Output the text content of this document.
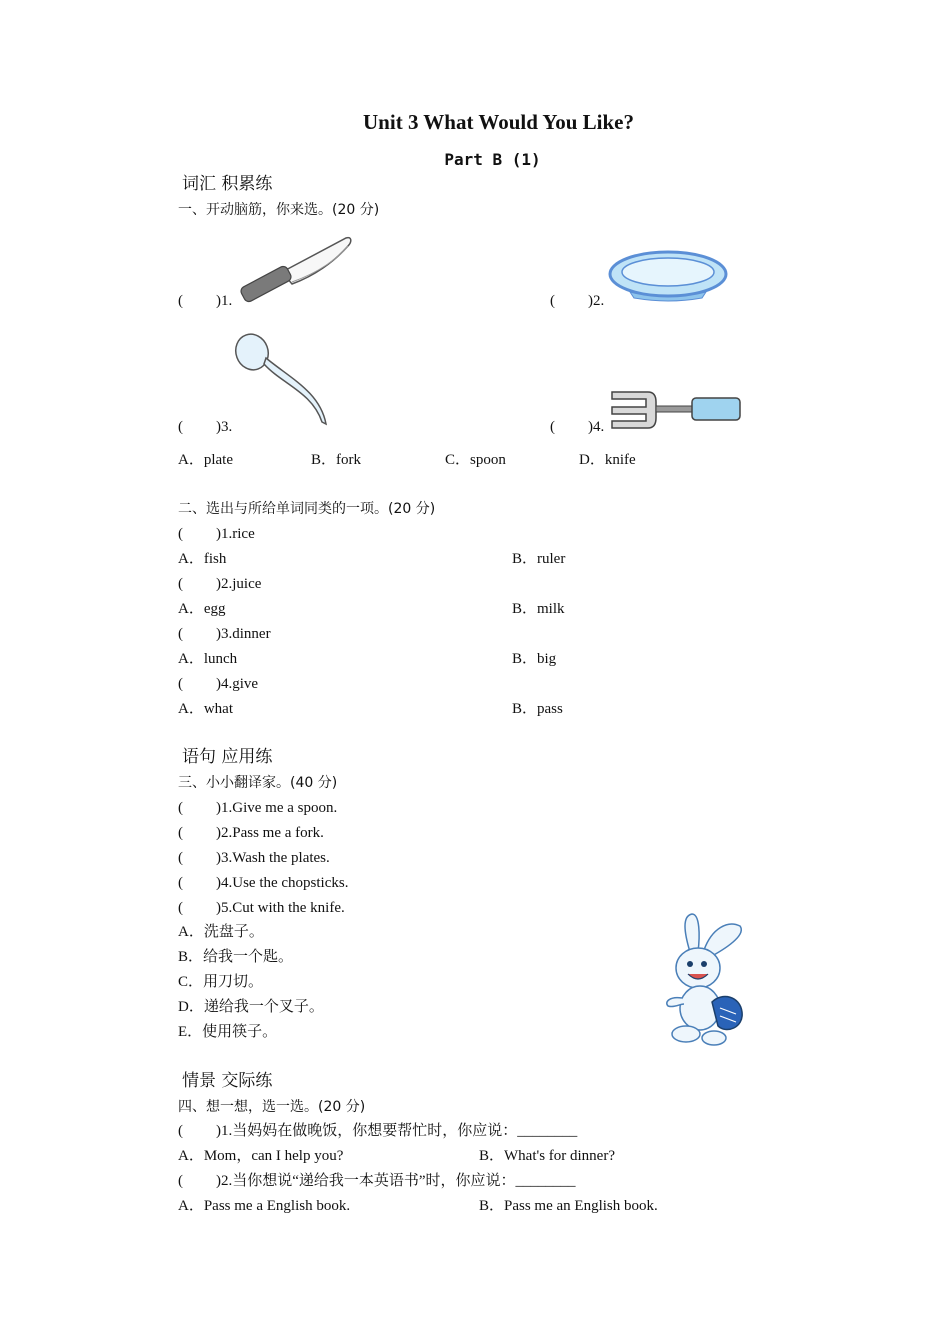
Unit 3 What Would You Like?
Part B (1)
词汇 积累练
一、开动脑筋，你来选。(20 分)
( )1.	( )2.
( )3.	( )4.
A．plate	B．fork	C．spoon	D．knife
二、选出与所给单词同类的一项。(20 分)
( )1.rice
A．fish	B．ruler
( )2.juice
A．egg	B．milk
( )3.dinner
A．lunch	B．big
( )4.give
A．what	B．pass
语句 应用练
三、小小翻译家。(40 分)
( )1.Give me a spoon.
( )2.Pass me a fork.
( )3.Wash the plates.
( )4.Use the chopsticks.
( )5.Cut with the knife.
A．洗盘子。
B．给我一个匙。
C．用刀切。
D．递给我一个叉子。
E．使用筷子。
情景 交际练
四、想一想，选一选。(20 分)
( )1.当妈妈在做晚饭，你想要帮忙时，你应说：________
A．Mom，can I help you?	B．What's for dinner?
( )2.当你想说“递给我一本英语书”时，你应说：________
A．Pass me a English book.	B．Pass me an English book.
